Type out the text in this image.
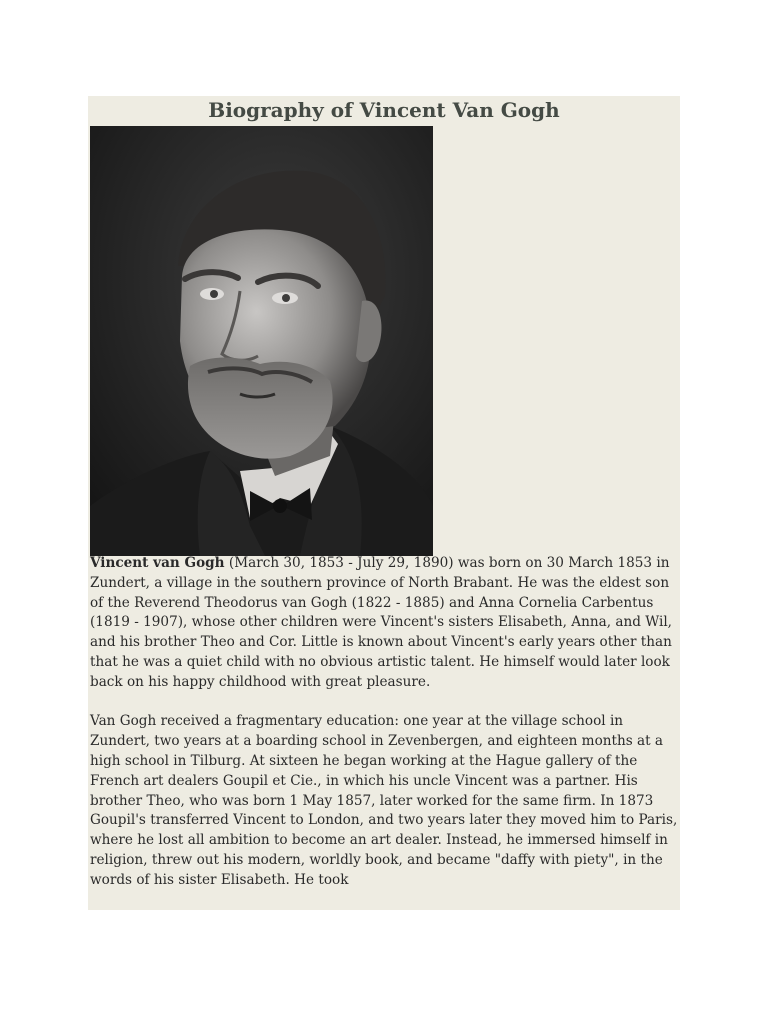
Biography of Vincent Van Gogh

Vincent van Gogh (March 30, 1853 - July 29, 1890) was born on 30 March 1853 in Zundert, a village in the southern province of North Brabant. He was the eldest son of the Reverend Theodorus van Gogh (1822 - 1885) and Anna Cornelia Carbentus (1819 - 1907), whose other children were Vincent's sisters Elisabeth, Anna, and Wil, and his brother Theo and Cor. Little is known about Vincent's early years other than that he was a quiet child with no obvious artistic talent. He himself would later look back on his happy childhood with great pleasure.

Van Gogh received a fragmentary education: one year at the village school in Zundert, two years at a boarding school in Zevenbergen, and eighteen months at a high school in Tilburg. At sixteen he began working at the Hague gallery of the French art dealers Goupil et Cie., in which his uncle Vincent was a partner. His brother Theo, who was born 1 May 1857, later worked for the same firm. In 1873 Goupil's transferred Vincent to London, and two years later they moved him to Paris, where he lost all ambition to become an art dealer. Instead, he immersed himself in religion, threw out his modern, worldly book, and became "daffy with piety", in the words of his sister Elisabeth. He took
